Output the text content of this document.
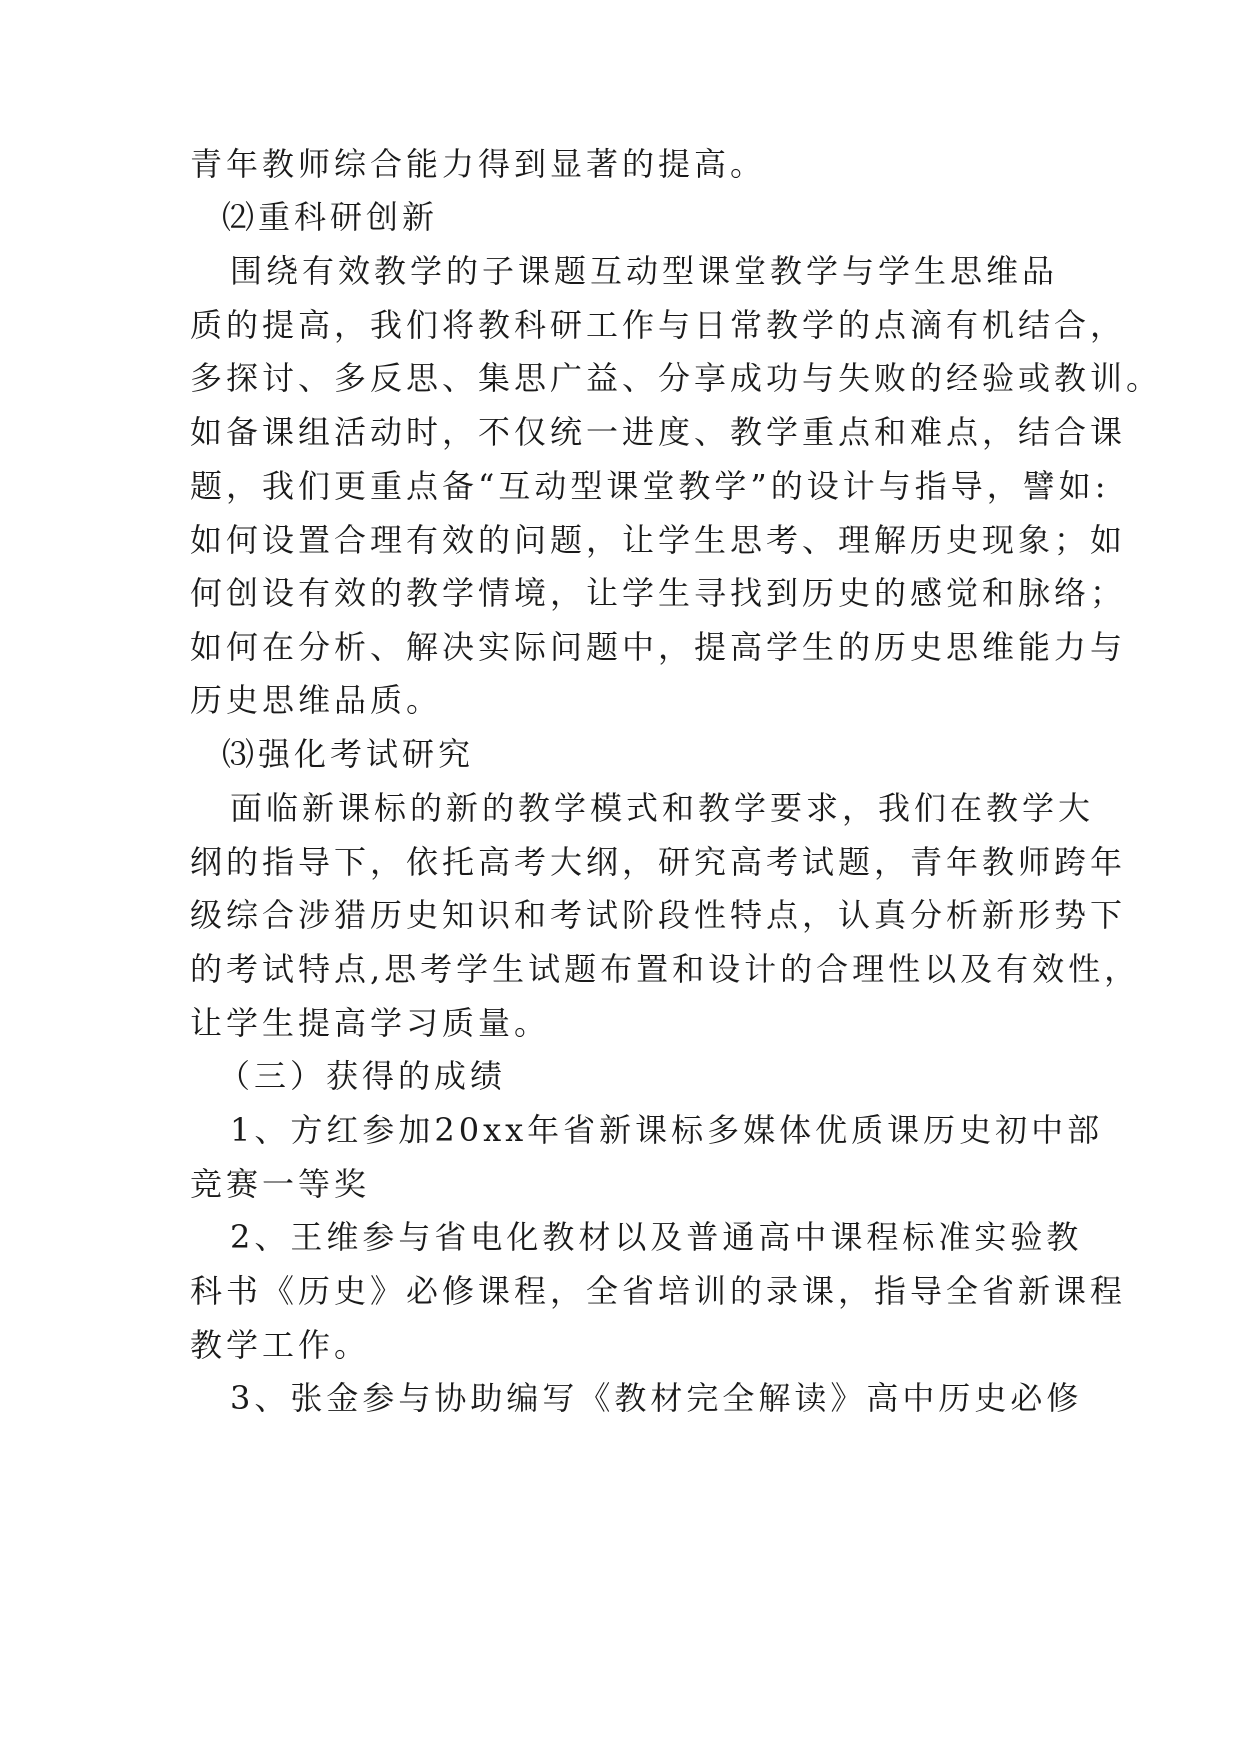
青年教师综合能力得到显著的提高。
⑵重科研创新
围绕有效教学的子课题互动型课堂教学与学生思维品
质的提高，我们将教科研工作与日常教学的点滴有机结合，
多探讨、多反思、集思广益、分享成功与失败的经验或教训。
如备课组活动时，不仅统一进度、教学重点和难点，结合课
题，我们更重点备“互动型课堂教学”的设计与指导，譬如:
如何设置合理有效的问题，让学生思考、理解历史现象；如
何创设有效的教学情境，让学生寻找到历史的感觉和脉络；
如何在分析、解决实际问题中，提高学生的历史思维能力与
历史思维品质。
⑶强化考试研究
面临新课标的新的教学模式和教学要求，我们在教学大
纲的指导下，依托高考大纲，研究高考试题，青年教师跨年
级综合涉猎历史知识和考试阶段性特点，认真分析新形势下
的考试特点,思考学生试题布置和设计的合理性以及有效性，
让学生提高学习质量。
（三）获得的成绩
1、方红参加20xx年省新课标多媒体优质课历史初中部
竞赛一等奖
2、王维参与省电化教材以及普通高中课程标准实验教
科书《历史》必修课程，全省培训的录课，指导全省新课程
教学工作。
3、张金参与协助编写《教材完全解读》高中历史必修
